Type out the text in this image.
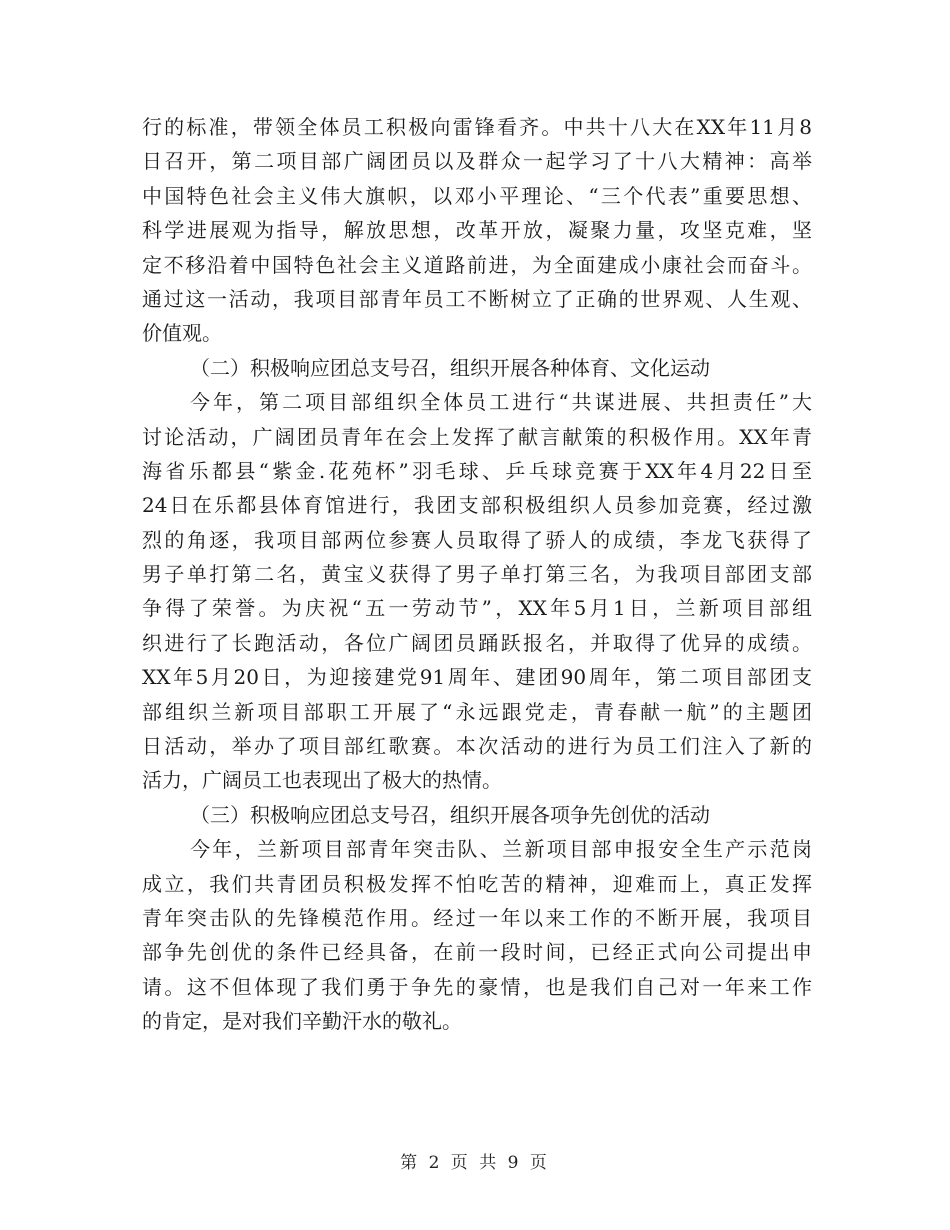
行的标准，带领全体员工积极向雷锋看齐。中共十八大在XX年11月8
日召开，第二项目部广阔团员以及群众一起学习了十八大精神：高举
中国特色社会主义伟大旗帜，以邓小平理论、“三个代表”重要思想、
科学进展观为指导，解放思想，改革开放，凝聚力量，攻坚克难，坚
定不移沿着中国特色社会主义道路前进，为全面建成小康社会而奋斗。
通过这一活动，我项目部青年员工不断树立了正确的世界观、人生观、
价值观。
（二）积极响应团总支号召，组织开展各种体育、文化运动
今年，第二项目部组织全体员工进行“共谋进展、共担责任”大
讨论活动，广阔团员青年在会上发挥了献言献策的积极作用。XX年青
海省乐都县“紫金.花苑杯”羽毛球、乒乓球竞赛于XX年4月22日至
24日在乐都县体育馆进行，我团支部积极组织人员参加竞赛，经过激
烈的角逐，我项目部两位参赛人员取得了骄人的成绩，李龙飞获得了
男子单打第二名，黄宝义获得了男子单打第三名，为我项目部团支部
争得了荣誉。为庆祝“五一劳动节”，XX年5月1日，兰新项目部组
织进行了长跑活动，各位广阔团员踊跃报名，并取得了优异的成绩。
XX年5月20日，为迎接建党91周年、建团90周年，第二项目部团支
部组织兰新项目部职工开展了“永远跟党走，青春献一航”的主题团
日活动，举办了项目部红歌赛。本次活动的进行为员工们注入了新的
活力，广阔员工也表现出了极大的热情。
（三）积极响应团总支号召，组织开展各项争先创优的活动
今年，兰新项目部青年突击队、兰新项目部申报安全生产示范岗
成立，我们共青团员积极发挥不怕吃苦的精神，迎难而上，真正发挥
青年突击队的先锋模范作用。经过一年以来工作的不断开展，我项目
部争先创优的条件已经具备，在前一段时间，已经正式向公司提出申
请。这不但体现了我们勇于争先的豪情，也是我们自己对一年来工作
的肯定，是对我们辛勤汗水的敬礼。
第 2 页 共 9 页
